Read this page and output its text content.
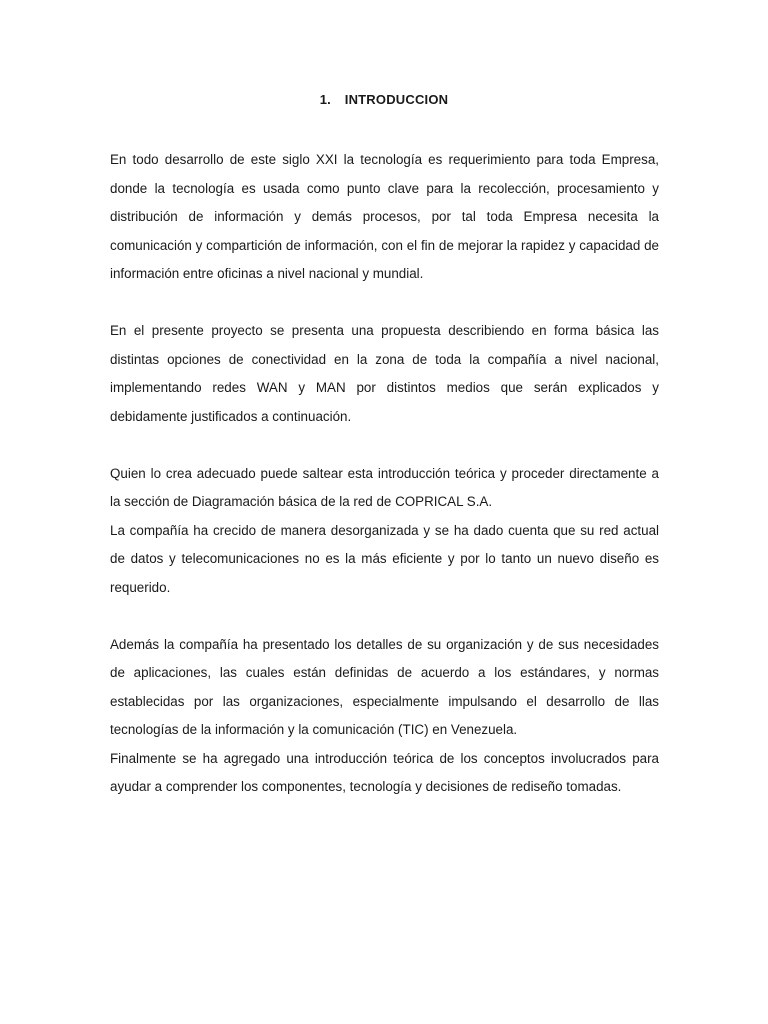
1. INTRODUCCION

En todo desarrollo de este siglo XXI la tecnología es requerimiento para toda Empresa, donde la tecnología es usada como punto clave para la recolección, procesamiento y distribución de información y demás procesos, por tal toda Empresa necesita la comunicación y compartición de información, con el fin de mejorar la rapidez y capacidad de información entre oficinas a nivel nacional y mundial.

En el presente proyecto se presenta una propuesta describiendo en forma básica las distintas opciones de conectividad en la zona de toda la compañía a nivel nacional, implementando redes WAN y MAN por distintos medios que serán explicados y debidamente justificados a continuación.

Quien lo crea adecuado puede saltear esta introducción teórica y proceder directamente a la sección de Diagramación básica de la red de COPRICAL S.A.

La compañía ha crecido de manera desorganizada y se ha dado cuenta que su red actual de datos y telecomunicaciones no es la más eficiente y por lo tanto un nuevo diseño es requerido.

Además la compañía ha presentado los detalles de su organización y de sus necesidades de aplicaciones, las cuales están definidas de acuerdo a los estándares, y normas establecidas por las organizaciones, especialmente impulsando el desarrollo de llas tecnologías de la información y la comunicación (TIC) en Venezuela.

Finalmente se ha agregado una introducción teórica de los conceptos involucrados para ayudar a comprender los componentes, tecnología y decisiones de rediseño tomadas.
